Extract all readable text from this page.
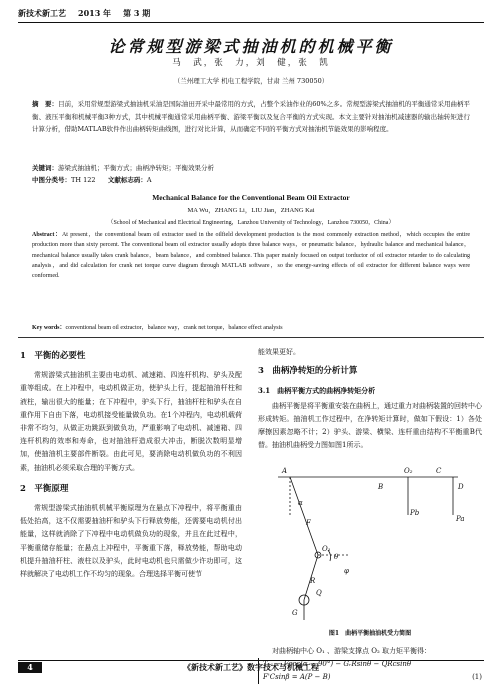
新技术新工艺 2013 年 第 3 期
论常规型游梁式抽油机的机械平衡
马　武，张　力，刘　健，张　凯
（兰州理工大学 机电工程学院，甘肃 兰州 730050）
摘　要：目前，采用常规型游梁式抽油机采油是国际油田开采中最常用的方式，占整个采油作业的60%之多。常规型游梁式抽油机的平衡通常采用曲柄平衡、液压平衡和机械平衡3种方式，其中机械平衡通常采用曲柄平衡、游梁平衡以及复合平衡的方式实现。本文主要针对抽油机减速器的输出轴转矩进行计算分析，借助MATLAB软件作出曲柄转矩曲线图，进行对比计算，从而确定不同的平衡方式对抽油机节能效果的影响程度。
关键词：游梁式抽油机；平衡方式；曲柄净转矩；平衡效果分析
中图分类号：TH 122 文献标志码：A
Mechanical Balance for the Conventional Beam Oil Extractor
MA Wu，ZHANG Li，LIU Jian，ZHANG Kai
（School of Mechanical and Electrical Engineering，Lanzhou University of Technology，Lanzhou 730050，China）
Abstract：At present，the conventional beam oil extractor used in the oilfield development production is the most commonly extraction method，which occupies the entire production more than sixty percent. The conventional beam oil extractor usually adopts three balance ways，or pneumatic balance，hydraulic balance and mechanical balance，mechanical balance usually takes crank balance，beam balance，and combined balance. This paper mainly focused on output torductor of oil extractor retarder to do calculating analysis，and did calculation for crank net torque curve diagram through MATLAB software，so the energy-saving effects of oil extractor for different balance ways were conformed.
Key words：conventional beam oil extractor，balance way，crank net torque，balance effect analysis
1　平衡的必要性

常规游梁式抽油机主要由电动机、减速箱、四连杆机构、驴头及配重等组成。在上冲程中，电动机做正功，使驴头上行，提起抽油杆柱和液柱，输出很大的能量；在下冲程中，驴头下行，抽油杆柱和驴头在自重作用下自由下落，电动机接受能量做负功。在1个冲程内，电动机载荷非常不均匀，从做正功跳跃到做负功，严重影响了电动机、减速箱、四连杆机构的效率和寿命，也对抽油杆造成很大冲击，断脱次数明显增加，使抽油机主要部件断裂。由此可见，要消除电动机做负功的不利因素，抽油机必须采取合理的平衡方式。

2　平衡原理

常规型游梁式抽油机机械平衡原理为在悬点下冲程中，将平衡重由低处抬高，这不仅需要抽油杆和驴头下行释放势能，还需要电动机付出能量，这样就消除了下冲程中电动机做负功的现象，并且在此过程中，平衡重储存能量；在悬点上冲程中，平衡重下落，释放势能，帮助电动机提升抽油杆柱、液柱以及驴头，此时电动机也只需做少许功即可，这样就解决了电动机工作不均匀的现象。合理选择平衡可使节

能效果更好。

3　曲柄净转矩的分析计算
3.1　曲柄平衡方式的曲柄净转矩分析

曲柄平衡是将平衡重安装在曲柄上，通过重力对曲柄装置的回转中心形成转矩。抽油机工作过程中，在净转矩计算时，做如下假设：1）各处摩擦因素忽略不计；2）驴头、游梁、横梁、连杆重由结构不平衡重B代替。抽油机曲柄受力图如图1所示。

A	O₂	C
D
O₁
F
Pb
Pa
G
θ
α
R
B
Q
φ
图1　曲柄平衡抽油机受力简图

对曲柄轴中心 O₁ 、游梁支撑点 O₂ 取力矩平衡得：

T₀₁ − Fcos(α − 90°) − GᵣRsinθ − QRcsinθ
F'Csinβ = A(P − B)	(1)
4	《新技术新工艺》数字技术与机械工程
